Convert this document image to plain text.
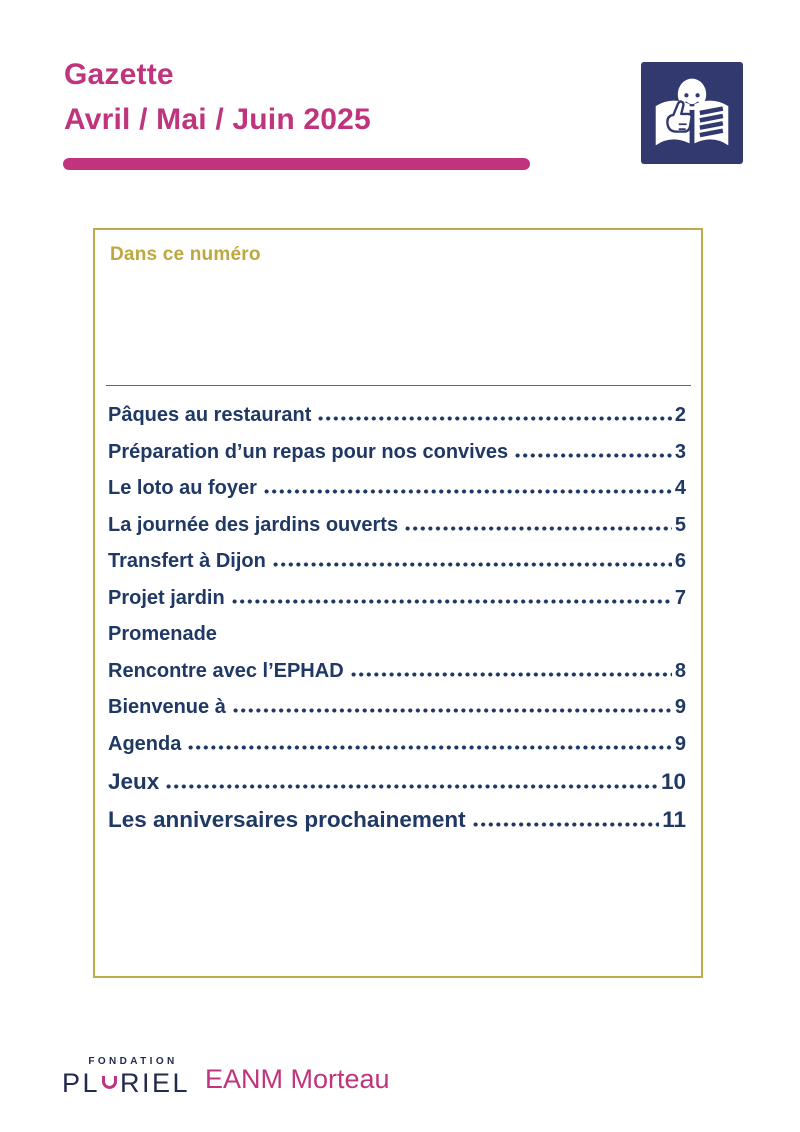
Gazette
Avril / Mai / Juin 2025
Dans ce numéro
Pâques au restaurant	2
Préparation d’un repas pour nos convives	3
Le loto au foyer	4
La journée des jardins ouverts	5
Transfert à Dijon	6
Projet jardin	7
Promenade
Rencontre avec l’EPHAD	8
Bienvenue à	9
Agenda	9
Jeux	10
Les anniversaires prochainement	11
FONDATION
PL RIEL EANM Morteau
